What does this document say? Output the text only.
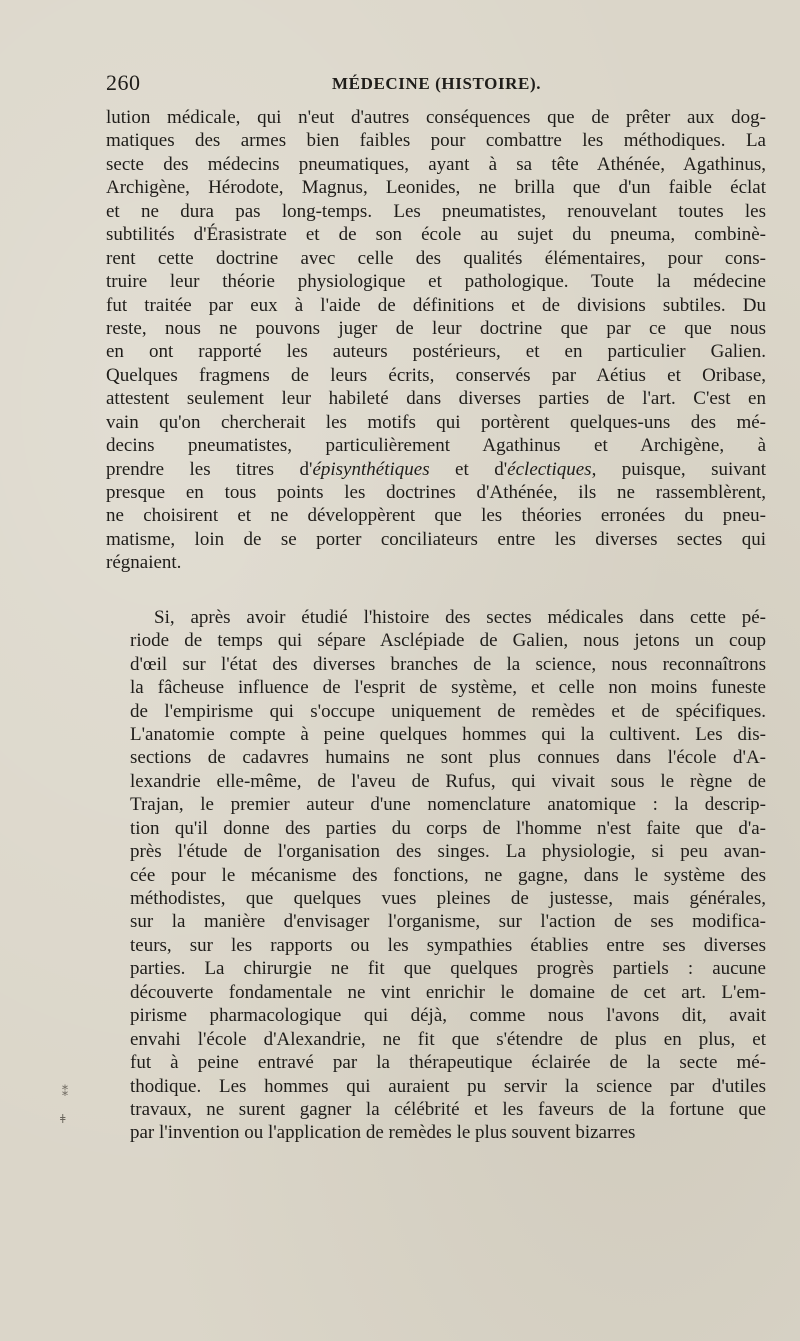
260	MÉDECINE (HISTOIRE).

lution médicale, qui n'eut d'autres conséquences que de prêter aux dog-
matiques des armes bien faibles pour combattre les méthodiques. La
secte des médecins pneumatiques, ayant à sa tête Athénée, Agathinus,
Archigène, Hérodote, Magnus, Leonides, ne brilla que d'un faible éclat
et ne dura pas long-temps. Les pneumatistes, renouvelant toutes les
subtilités d'Érasistrate et de son école au sujet du pneuma, combinè-
rent cette doctrine avec celle des qualités élémentaires, pour cons-
truire leur théorie physiologique et pathologique. Toute la médecine
fut traitée par eux à l'aide de définitions et de divisions subtiles. Du
reste, nous ne pouvons juger de leur doctrine que par ce que nous
en ont rapporté les auteurs postérieurs, et en particulier Galien.
Quelques fragmens de leurs écrits, conservés par Aétius et Oribase,
attestent seulement leur habileté dans diverses parties de l'art. C'est en
vain qu'on chercherait les motifs qui portèrent quelques-uns des mé-
decins pneumatistes, particulièrement Agathinus et Archigène, à
prendre les titres d'épisynthétiques et d'éclectiques, puisque, suivant
presque en tous points les doctrines d'Athénée, ils ne rassemblèrent,
ne choisirent et ne développèrent que les théories erronées du pneu-
matisme, loin de se porter conciliateurs entre les diverses sectes qui
régnaient.

Si, après avoir étudié l'histoire des sectes médicales dans cette pé-
riode de temps qui sépare Asclépiade de Galien, nous jetons un coup
d'œil sur l'état des diverses branches de la science, nous reconnaîtrons
la fâcheuse influence de l'esprit de système, et celle non moins funeste
de l'empirisme qui s'occupe uniquement de remèdes et de spécifiques.
L'anatomie compte à peine quelques hommes qui la cultivent. Les dis-
sections de cadavres humains ne sont plus connues dans l'école d'A-
lexandrie elle-même, de l'aveu de Rufus, qui vivait sous le règne de
Trajan, le premier auteur d'une nomenclature anatomique : la descrip-
tion qu'il donne des parties du corps de l'homme n'est faite que d'a-
près l'étude de l'organisation des singes. La physiologie, si peu avan-
cée pour le mécanisme des fonctions, ne gagne, dans le système des
méthodistes, que quelques vues pleines de justesse, mais générales,
sur la manière d'envisager l'organisme, sur l'action de ses modifica-
teurs, sur les rapports ou les sympathies établies entre ses diverses
parties. La chirurgie ne fit que quelques progrès partiels : aucune
découverte fondamentale ne vint enrichir le domaine de cet art. L'em-
pirisme pharmacologique qui déjà, comme nous l'avons dit, avait
envahi l'école d'Alexandrie, ne fit que s'étendre de plus en plus, et
fut à peine entravé par la thérapeutique éclairée de la secte mé-
thodique. Les hommes qui auraient pu servir la science par d'utiles
travaux, ne surent gagner la célébrité et les faveurs de la fortune que
par l'invention ou l'application de remèdes le plus souvent bizarres

⁑
ǂ
